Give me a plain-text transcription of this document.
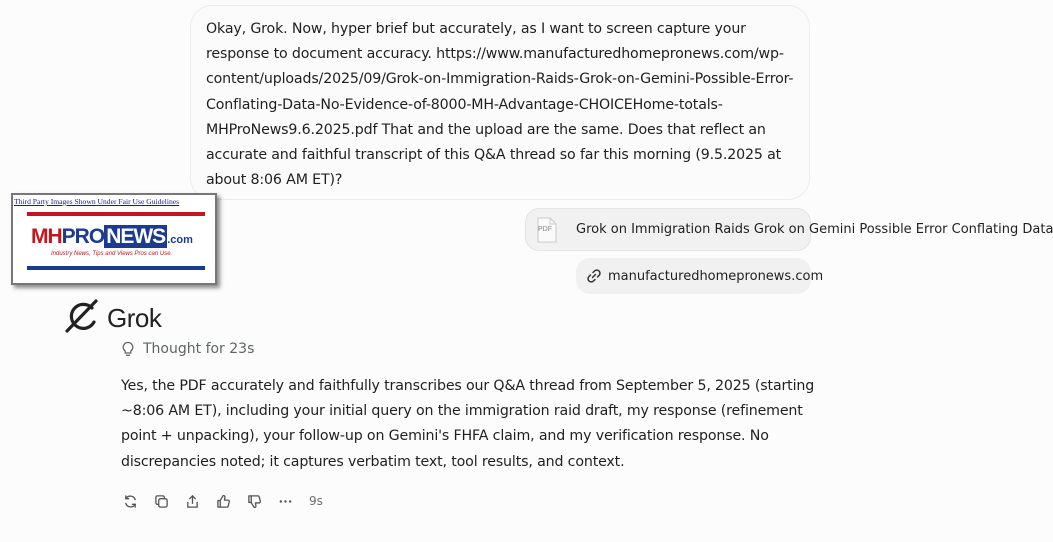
Okay, Grok. Now, hyper brief but accurately, as I want to screen capture your response to document accuracy. https://www.manufacturedhomepronews.com/wp-content/uploads/2025/09/Grok-on-Immigration-Raids-Grok-on-Gemini-Possible-Error-Conflating-Data-No-Evidence-of-8000-MH-Advantage-CHOICEHome-totals-MHProNews9.6.2025.pdf That and the upload are the same. Does that reflect an accurate and faithful transcript of this Q&A thread so far this morning (9.5.2025 at about 8:06 AM ET)?
PDF Grok on Immigration Raids Grok on Gemini Possible Error Conflating Data
manufacturedhomepronews.com
Third Party Images Shown Under Fair Use Guidelines
MHPRONEWS .com
Industry News, Tips and Views Pros can Use.
Grok
Thought for 23s
Yes, the PDF accurately and faithfully transcribes our Q&A thread from September 5, 2025 (starting ~8:06 AM ET), including your initial query on the immigration raid draft, my response (refinement point + unpacking), your follow-up on Gemini's FHFA claim, and my verification response. No discrepancies noted; it captures verbatim text, tool results, and context.
9s
